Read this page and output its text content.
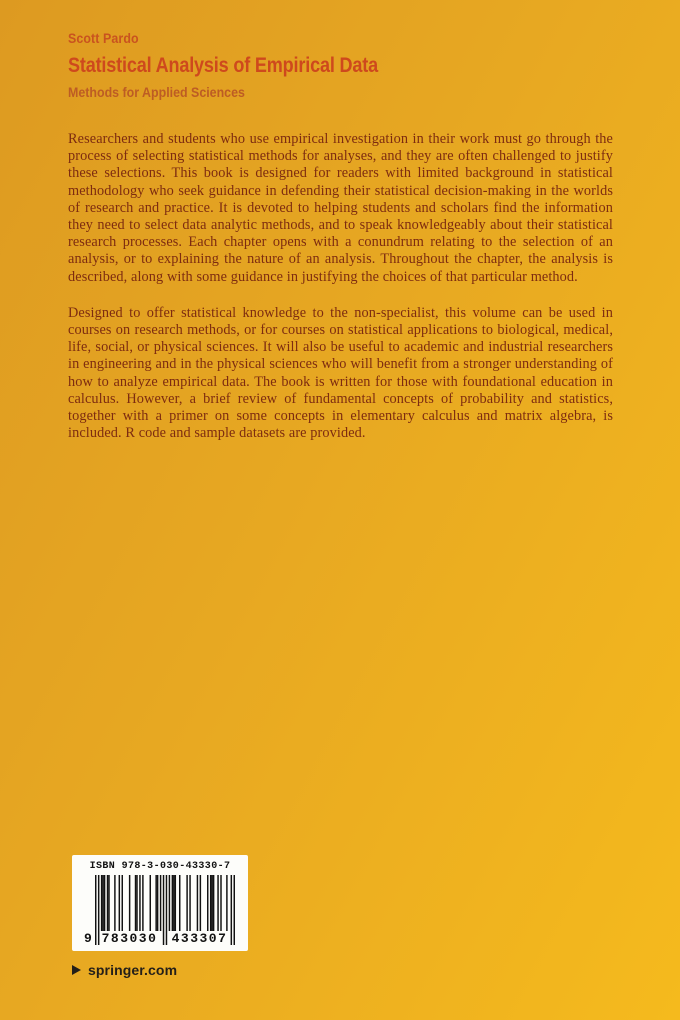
Scott Pardo
Statistical Analysis of Empirical Data
Methods for Applied Sciences

Researchers and students who use empirical investigation in their work must go through the process of selecting statistical methods for analyses, and they are often challenged to justify these selections. This book is designed for readers with limited background in statistical methodology who seek guidance in defending their statistical decision-making in the worlds of research and practice. It is devoted to helping students and scholars find the information they need to select data analytic methods, and to speak knowledgeably about their statistical research processes. Each chapter opens with a conundrum relating to the selection of an analysis, or to explaining the nature of an analysis. Throughout the chapter, the analysis is described, along with some guidance in justifying the choices of that particular method.

Designed to offer statistical knowledge to the non-specialist, this volume can be used in courses on research methods, or for courses on statistical applications to biological, medical, life, social, or physical sciences. It will also be useful to academic and industrial researchers in engineering and in the physical sciences who will benefit from a stronger understanding of how to analyze empirical data. The book is written for those with foundational education in calculus. However, a brief review of fundamental concepts of probability and statistics, together with a primer on some concepts in elementary calculus and matrix algebra, is included. R code and sample datasets are provided.

ISBN 978-3-030-43330-7
9 783030 433307
springer.com
